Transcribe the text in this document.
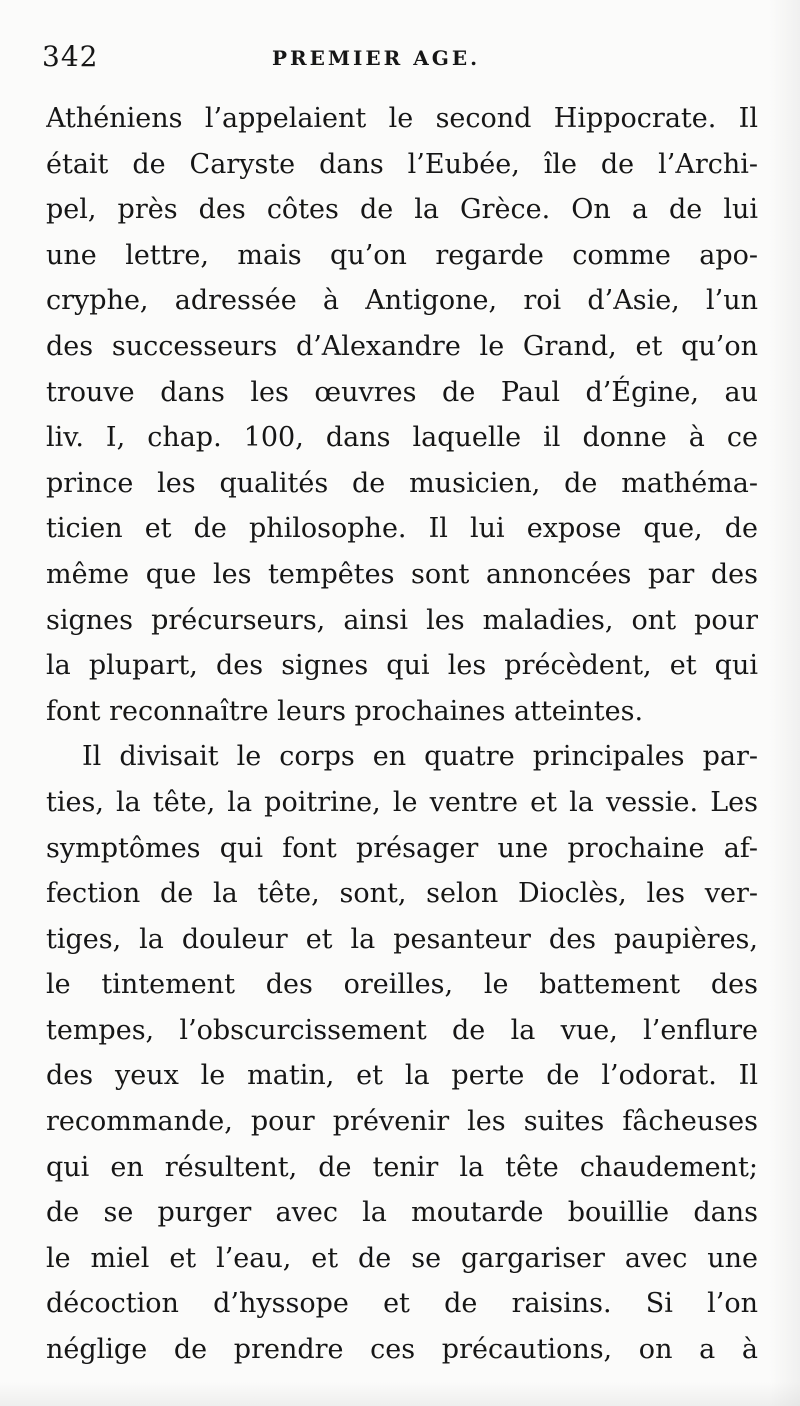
342	PREMIER AGE.
Athéniens l’appelaient le second Hippocrate. Il
était de Caryste dans l’Eubée, île de l’Archi-
pel, près des côtes de la Grèce. On a de lui
une lettre, mais qu’on regarde comme apo-
cryphe, adressée à Antigone, roi d’Asie, l’un
des successeurs d’Alexandre le Grand, et qu’on
trouve dans les œuvres de Paul d’Égine, au
liv. I, chap. 100, dans laquelle il donne à ce
prince les qualités de musicien, de mathéma-
ticien et de philosophe. Il lui expose que, de
même que les tempêtes sont annoncées par des
signes précurseurs, ainsi les maladies, ont pour
la plupart, des signes qui les précèdent, et qui
font reconnaître leurs prochaines atteintes.
Il divisait le corps en quatre principales par-
ties, la tête, la poitrine, le ventre et la vessie. Les
symptômes qui font présager une prochaine af-
fection de la tête, sont, selon Dioclès, les ver-
tiges, la douleur et la pesanteur des paupières,
le tintement des oreilles, le battement des
tempes, l’obscurcissement de la vue, l’enflure
des yeux le matin, et la perte de l’odorat. Il
recommande, pour prévenir les suites fâcheuses
qui en résultent, de tenir la tête chaudement;
de se purger avec la moutarde bouillie dans
le miel et l’eau, et de se gargariser avec une
décoction d’hyssope et de raisins. Si l’on
néglige de prendre ces précautions, on a à
